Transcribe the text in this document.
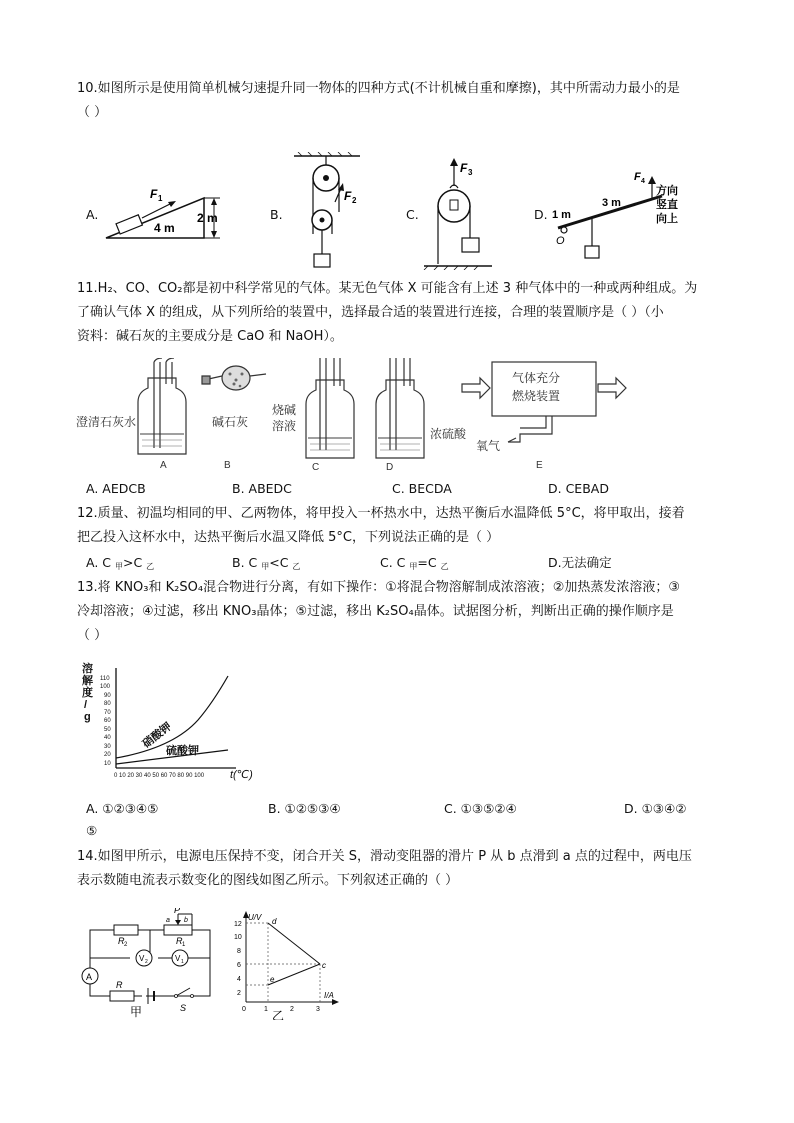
10.如图所示是使用简单机械匀速提升同一物体的四种方式(不计机械自重和摩擦)，其中所需动力最小的是
（ ）
A.	B.	C.	D.
F 1
4 m
2 m
F 2
F 3
O
F 4
1 m
3 m
方向
竖直
向上
11.H₂、CO、CO₂都是初中科学常见的气体。某无色气体 X 可能含有上述 3 种气体中的一种或两种组成。为
了确认气体 X 的组成，从下列所给的装置中，选择最合适的装置进行连接，合理的装置顺序是（ ）（小
资料：碱石灰的主要成分是 CaO 和 NaOH）。
澄清石灰水
A
碱石灰
B
烧碱
溶液
C
浓硫酸
D
气体充分
燃烧装置
氧气
E
A. AEDCB	B. ABEDC	C. BECDA	D. CEBAD
12.质量、初温均相同的甲、乙两物体，将甲投入一杯热水中，达热平衡后水温降低 5°C，将甲取出，接着
把乙投入这杯水中，达热平衡后水温又降低 5°C，下列说法正确的是（ ）
A. C 甲>C 乙	B. C 甲<C 乙	C. C 甲=C 乙	D.无法确定
13.将 KNO₃和 K₂SO₄混合物进行分离，有如下操作：①将混合物溶解制成浓溶液；②加热蒸发浓溶液；③
冷却溶液；④过滤，移出 KNO₃晶体；⑤过滤，移出 K₂SO₄晶体。试据图分析，判断出正确的操作顺序是
（ ）
溶
解
度
/
g
110
100
90
80
70
60
50
40
30
20
10
0 10 20 30 40 50 60 70 80 90 100 t(℃)
硝酸钾
硫酸钾
A. ①②③④⑤	B. ①②⑤③④	C. ①③⑤②④	D. ①③④②
⑤
14.如图甲所示，电源电压保持不变，闭合开关 S，滑动变阻器的滑片 P 从 b 点滑到 a 点的过程中，两电压
表示数随电流表示数变化的图线如图乙所示。下列叙述正确的（ ）
P
b
a
R 2	R 1
V 2	V 1
A
R
S
甲
U/V
I/A
12
10
8
6
4
2
0	1	2	3
d
c
e
乙
